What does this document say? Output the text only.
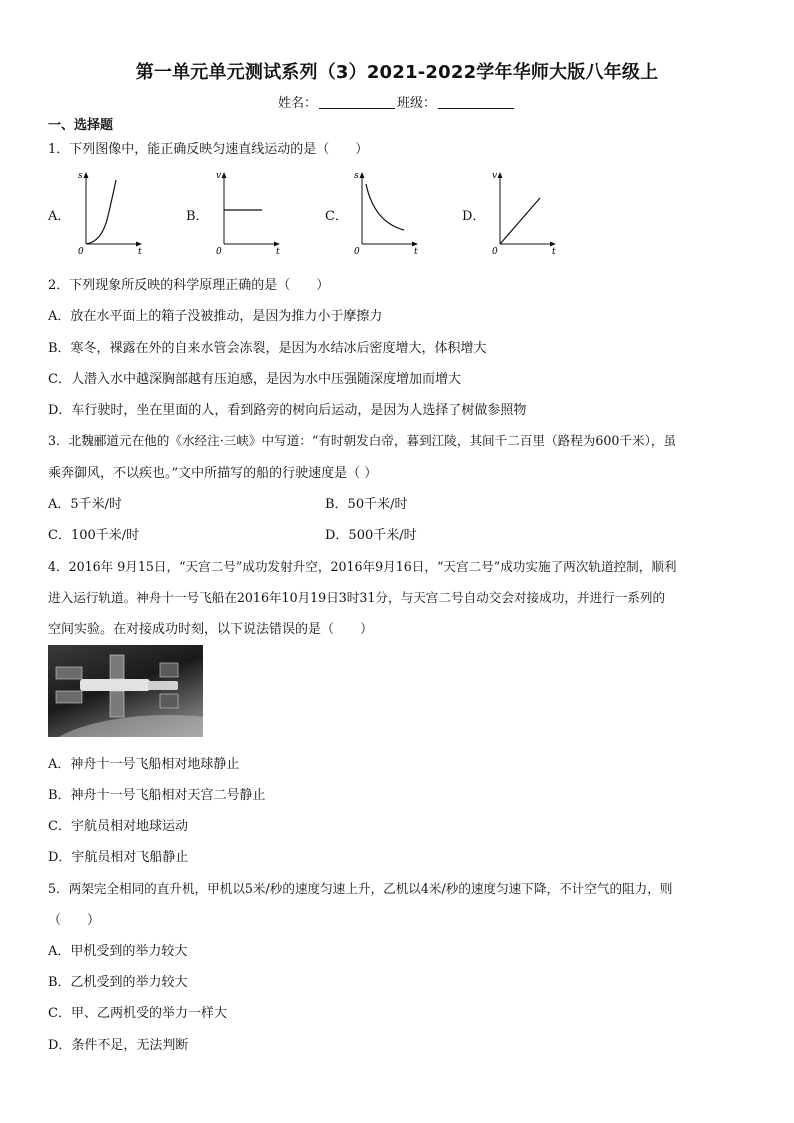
第一单元单元测试系列（3）2021-2022学年华师大版八年级上
姓名：	班级：
一、选择题
1．下列图像中，能正确反映匀速直线运动的是（　　）
A．
s
t
0
B．
v
t
0
C．
s
t
0
D．
v
t
0
2．下列现象所反映的科学原理正确的是（　　）
A．放在水平面上的箱子没被推动，是因为推力小于摩擦力
B．寒冬，裸露在外的自来水管会冻裂，是因为水结冰后密度增大，体积增大
C．人潜入水中越深胸部越有压迫感，是因为水中压强随深度增加而增大
D．车行驶时，坐在里面的人，看到路旁的树向后运动，是因为人选择了树做参照物
3．北魏郦道元在他的《水经注·三峡》中写道：“有时朝发白帝，暮到江陵，其间千二百里（路程为600千米），虽
乘奔御风，不以疾也。”文中所描写的船的行驶速度是（ ）
A．5千米/时	B．50千米/时
C．100千米/时	D．500千米/时
4．2016年 9月15日，“天宫二号”成功发射升空，2016年9月16日，“天宫二号”成功实施了两次轨道控制，顺利
进入运行轨道。神舟十一号飞船在2016年10月19日3时31分，与天宫二号自动交会对接成功，并进行一系列的
空间实验。在对接成功时刻，以下说法错误的是（　　）
A．神舟十一号飞船相对地球静止
B．神舟十一号飞船相对天宫二号静止
C．宇航员相对地球运动
D．宇航员相对飞船静止
5．两架完全相同的直升机，甲机以5米/秒的速度匀速上升，乙机以4米/秒的速度匀速下降，不计空气的阻力，则
（　　）
A．甲机受到的举力较大
B．乙机受到的举力较大
C．甲、乙两机受的举力一样大
D．条件不足，无法判断
